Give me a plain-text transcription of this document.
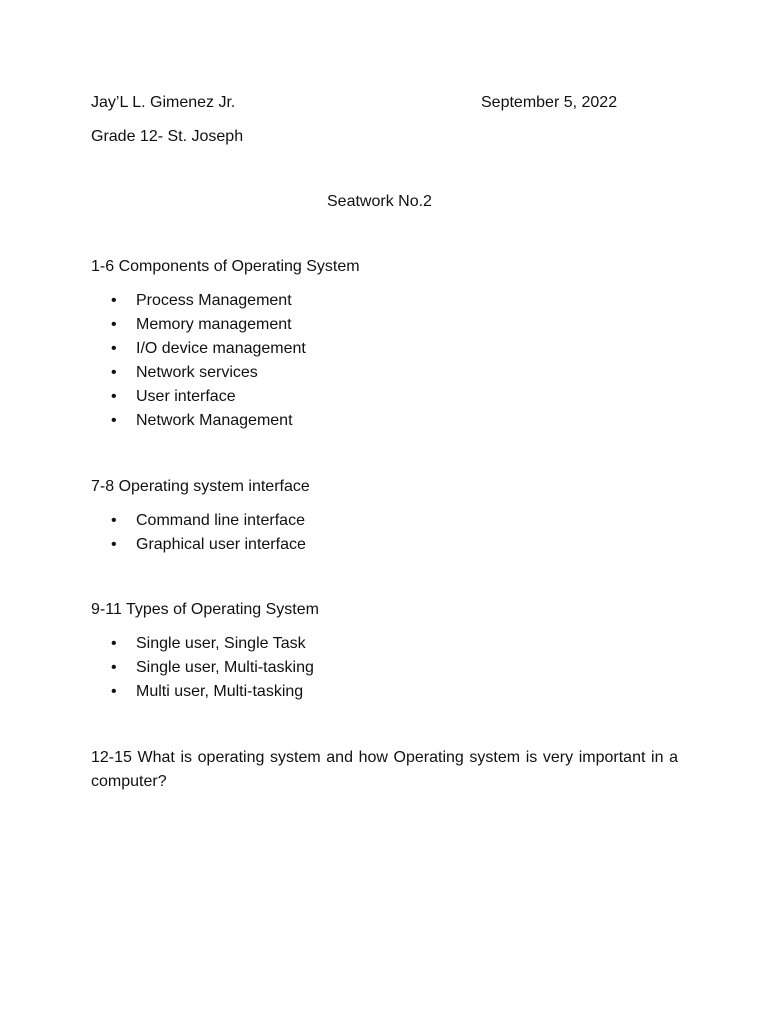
Jay’L L. Gimenez Jr.	September 5, 2022
Grade 12- St. Joseph
Seatwork No.2
1-6 Components of Operating System
• Process Management
• Memory management
• I/O device management
• Network services
• User interface
• Network Management
7-8 Operating system interface
• Command line interface
• Graphical user interface
9-11 Types of Operating System
• Single user, Single Task
• Single user, Multi-tasking
• Multi user, Multi-tasking
12-15 What is operating system and how Operating system is very important in a computer?
